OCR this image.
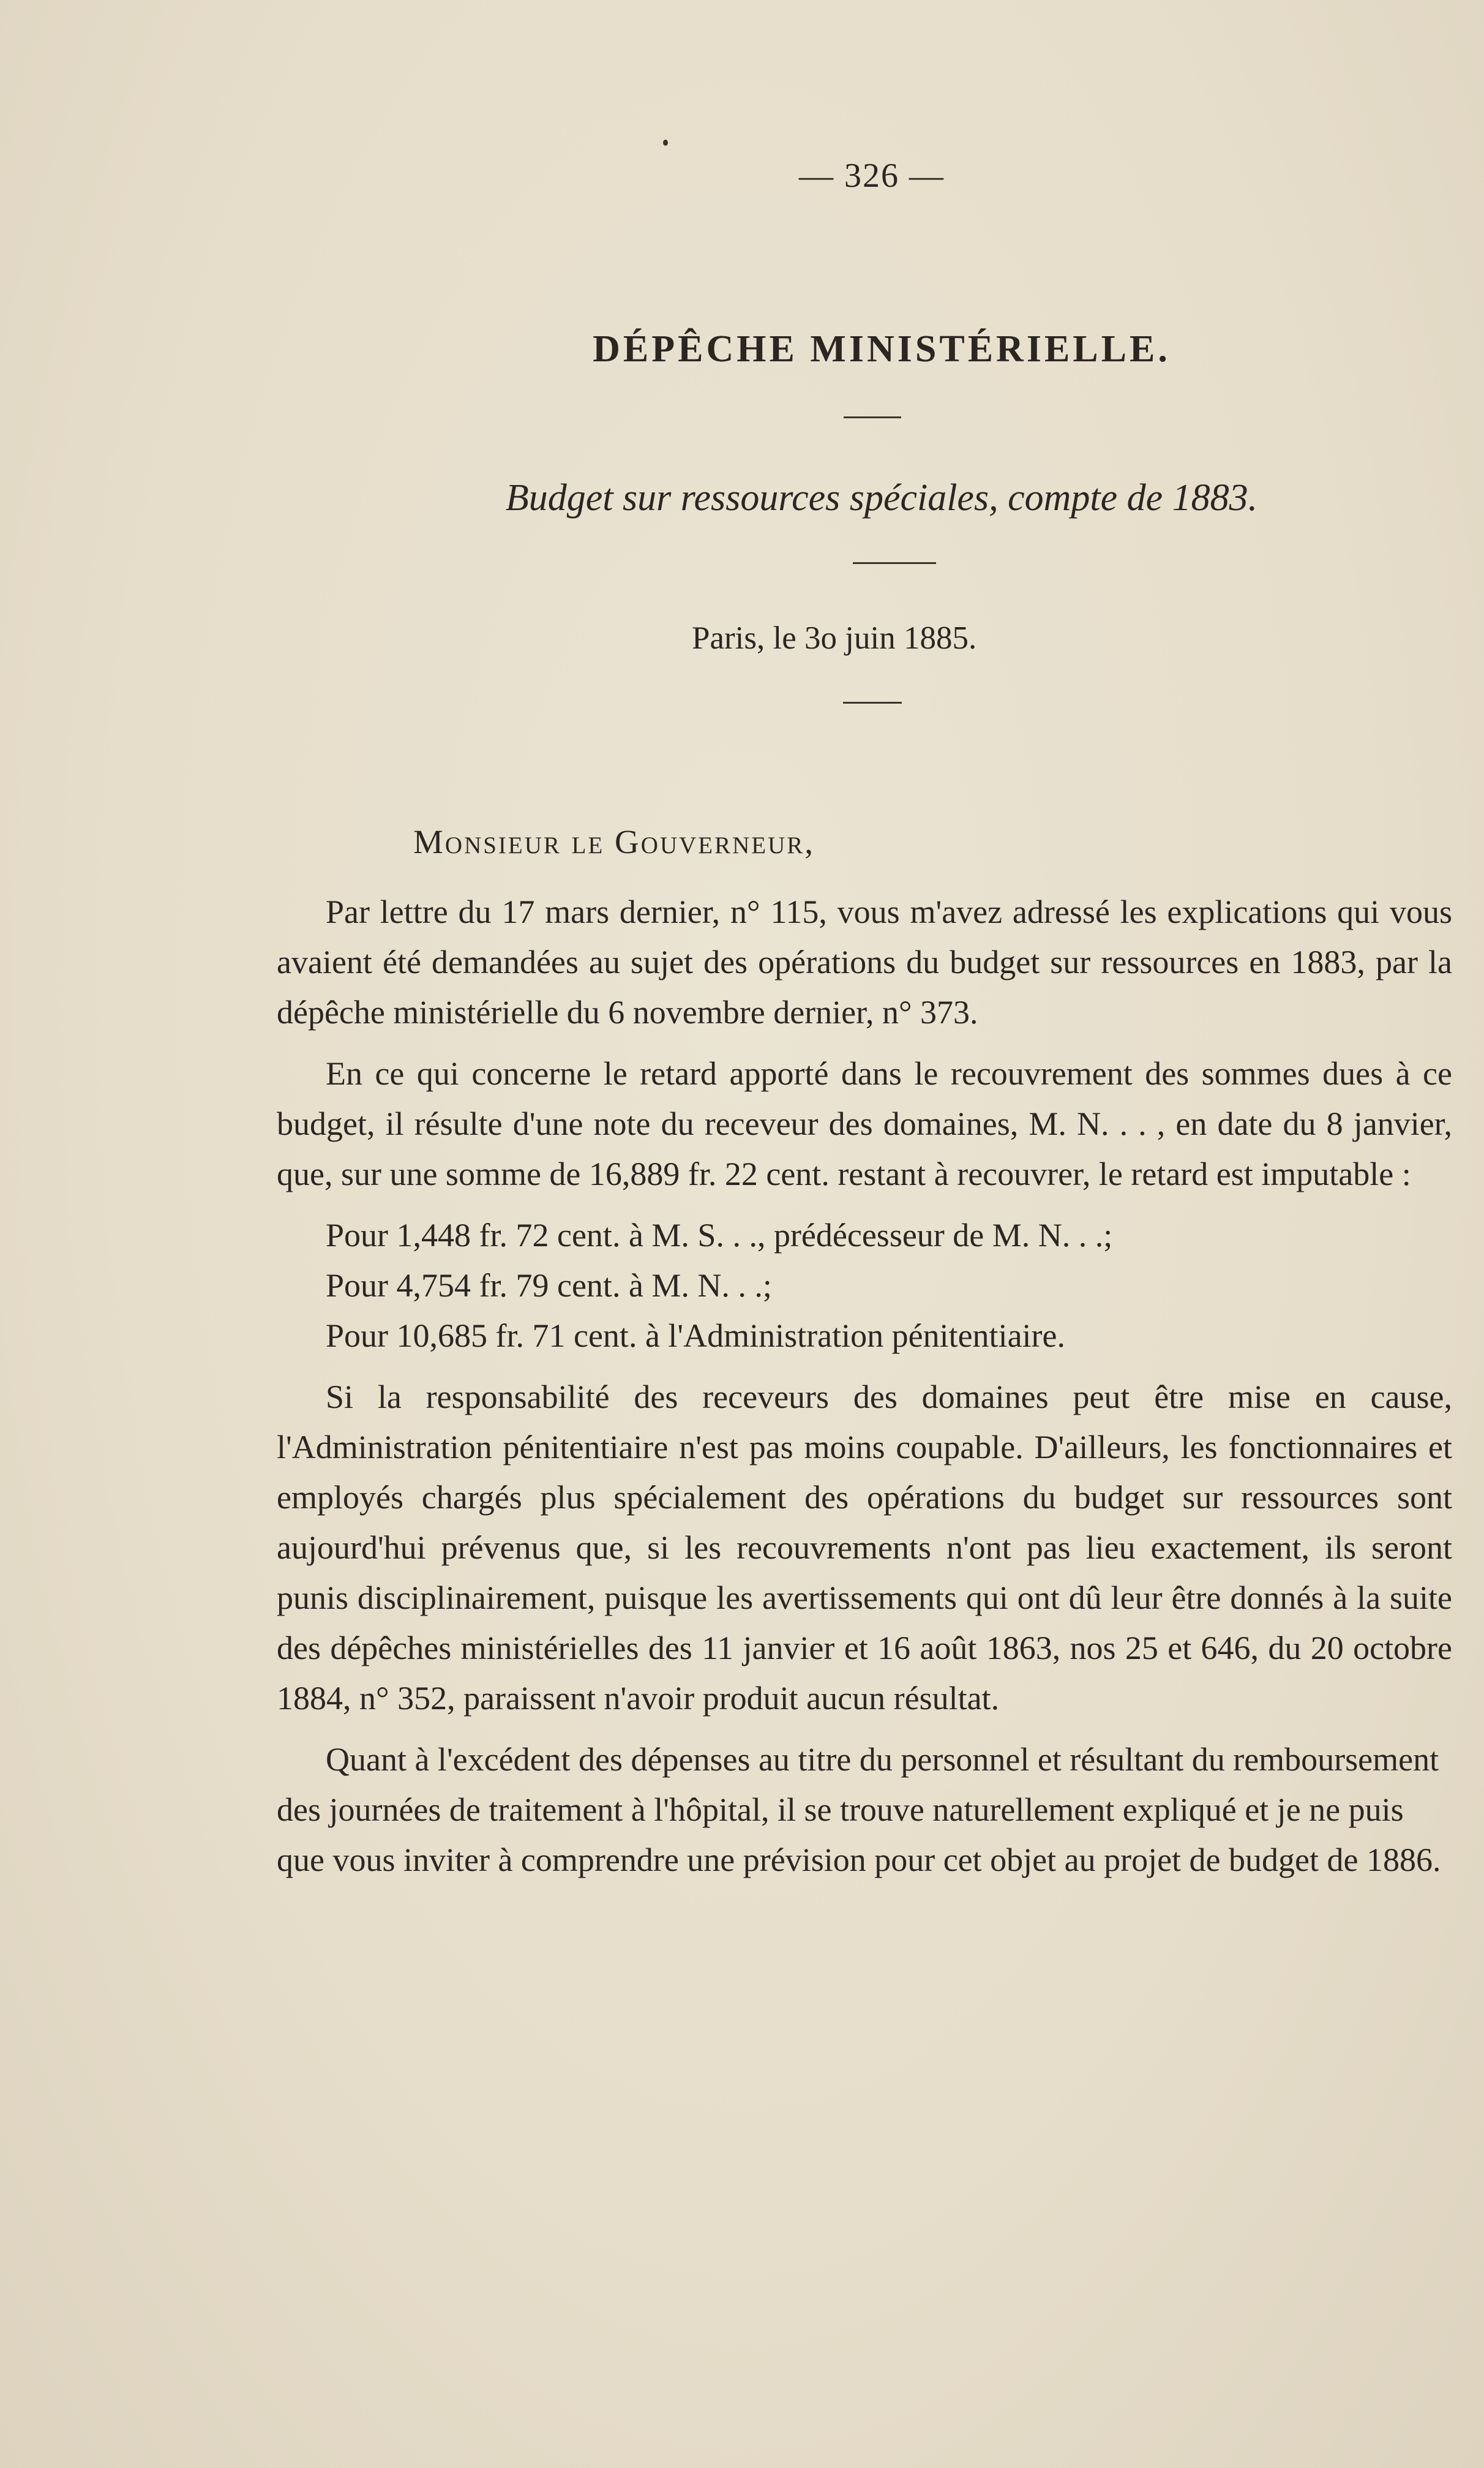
— 326 —
DÉPÊCHE MINISTÉRIELLE.
Budget sur ressources spéciales, compte de 1883.
Paris, le 3o juin 1885.
Monsieur le Gouverneur,

Par lettre du 17 mars dernier, n° 115, vous m'avez adressé les explications qui vous avaient été demandées au sujet des opérations du budget sur ressources en 1883, par la dépêche ministérielle du 6 novembre dernier, n° 373.

En ce qui concerne le retard apporté dans le recouvrement des sommes dues à ce budget, il résulte d'une note du receveur des domaines, M. N. . . , en date du 8 janvier, que, sur une somme de 16,889 fr. 22 cent. restant à recouvrer, le retard est imputable :

Pour 1,448 fr. 72 cent. à M. S. . ., prédécesseur de M. N. . .;

Pour 4,754 fr. 79 cent. à M. N. . .;

Pour 10,685 fr. 71 cent. à l'Administration pénitentiaire.

Si la responsabilité des receveurs des domaines peut être mise en cause, l'Administration pénitentiaire n'est pas moins coupable. D'ailleurs, les fonctionnaires et employés chargés plus spécialement des opérations du budget sur ressources sont aujourd'hui prévenus que, si les recouvrements n'ont pas lieu exactement, ils seront punis disciplinairement, puisque les avertissements qui ont dû leur être donnés à la suite des dépêches ministérielles des 11 janvier et 16 août 1863, nos 25 et 646, du 20 octobre 1884, n° 352, paraissent n'avoir produit aucun résultat.

Quant à l'excédent des dépenses au titre du personnel et résultant du remboursement des journées de traitement à l'hôpital, il se trouve naturellement expliqué et je ne puis que vous inviter à comprendre une prévision pour cet objet au projet de budget de 1886.
